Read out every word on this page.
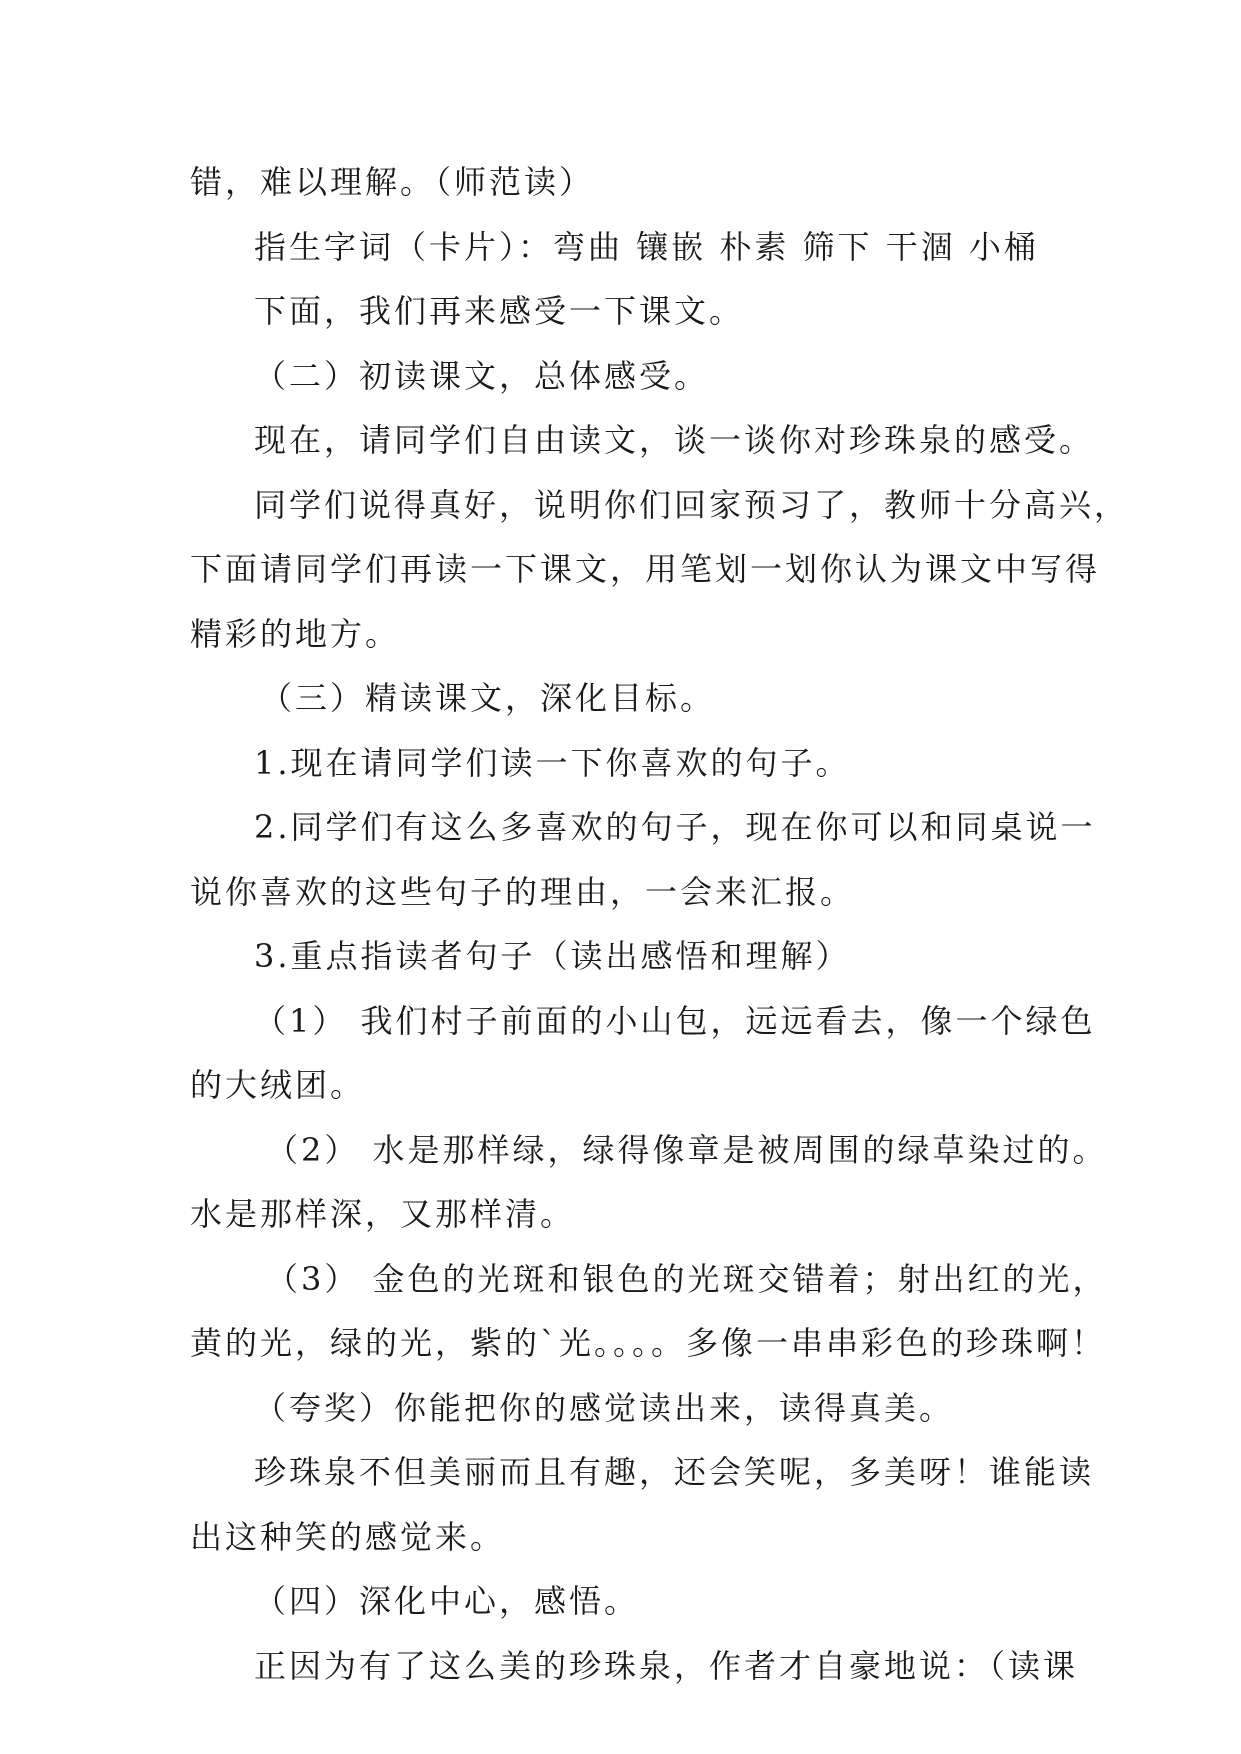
错，难以理解。（师范读）
指生字词（卡片）：弯曲 镶嵌 朴素 筛下 干涸 小桶
下面，我们再来感受一下课文。
（二）初读课文，总体感受。
现在，请同学们自由读文，谈一谈你对珍珠泉的感受。
同学们说得真好，说明你们回家预习了，教师十分高兴，
下面请同学们再读一下课文，用笔划一划你认为课文中写得
精彩的地方。
（三）精读课文，深化目标。
1.现在请同学们读一下你喜欢的句子。
2.同学们有这么多喜欢的句子，现在你可以和同桌说一
说你喜欢的这些句子的理由，一会来汇报。
3.重点指读者句子（读出感悟和理解）
（1） 我们村子前面的小山包，远远看去，像一个绿色
的大绒团。
（2） 水是那样绿，绿得像章是被周围的绿草染过的。
水是那样深，又那样清。
（3） 金色的光斑和银色的光斑交错着；射出红的光，
黄的光，绿的光，紫的`光。。。。多像一串串彩色的珍珠啊！
（夸奖）你能把你的感觉读出来，读得真美。
珍珠泉不但美丽而且有趣，还会笑呢，多美呀！谁能读
出这种笑的感觉来。
（四）深化中心，感悟。
正因为有了这么美的珍珠泉，作者才自豪地说：（读课
